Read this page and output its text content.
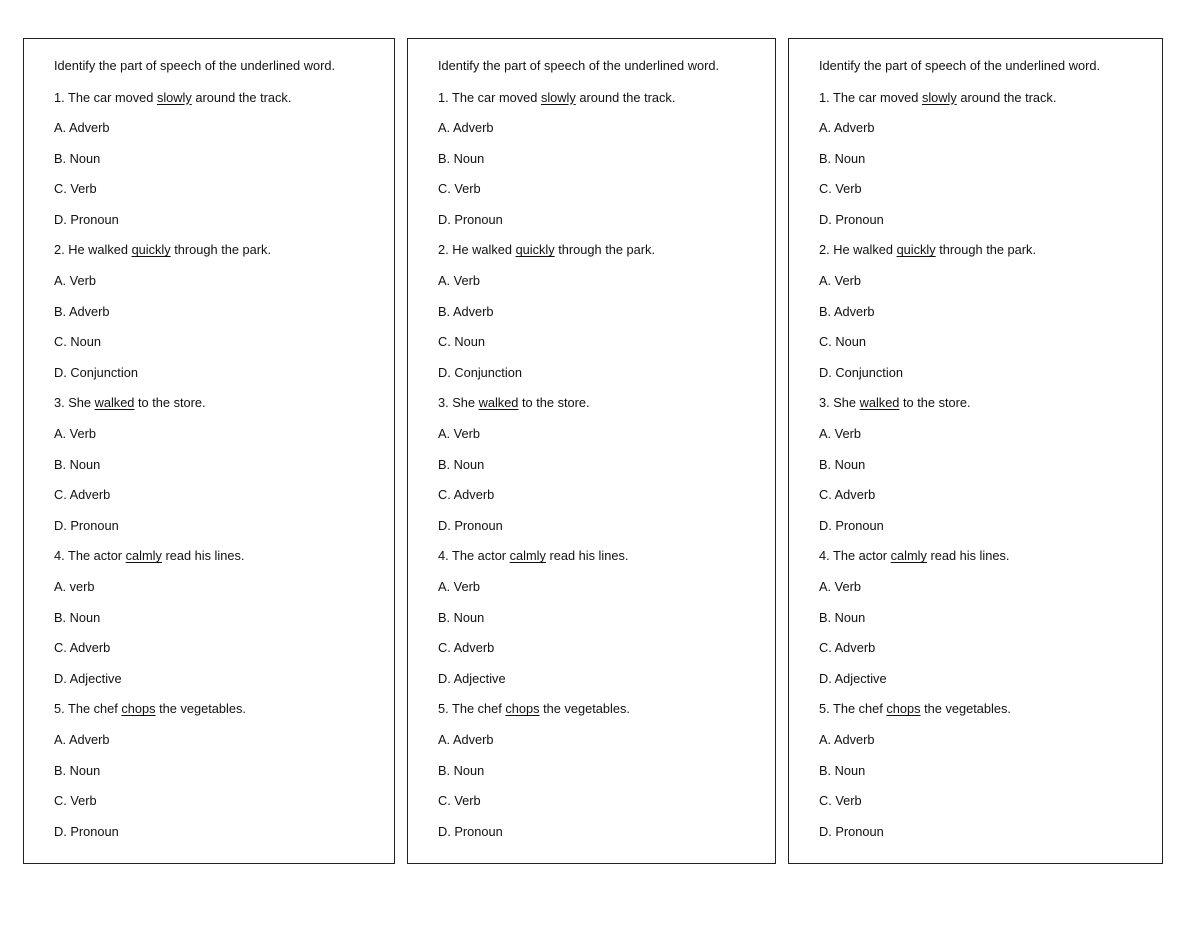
Identify the part of speech of the underlined word.
1. The car moved slowly around the track.
A. Adverb
B. Noun
C. Verb
D. Pronoun
2. He walked quickly through the park.
A. Verb
B. Adverb
C. Noun
D. Conjunction
3. She walked to the store.
A. Verb
B. Noun
C. Adverb
D. Pronoun
4. The actor calmly read his lines.
A. verb
B. Noun
C. Adverb
D. Adjective
5. The chef chops the vegetables.
A. Adverb
B. Noun
C. Verb
D. Pronoun
Identify the part of speech of the underlined word.
1. The car moved slowly around the track.
A. Adverb
B. Noun
C. Verb
D. Pronoun
2. He walked quickly through the park.
A. Verb
B. Adverb
C. Noun
D. Conjunction
3. She walked to the store.
A. Verb
B. Noun
C. Adverb
D. Pronoun
4. The actor calmly read his lines.
A. Verb
B. Noun
C. Adverb
D. Adjective
5. The chef chops the vegetables.
A. Adverb
B. Noun
C. Verb
D. Pronoun
Identify the part of speech of the underlined word.
1. The car moved slowly around the track.
A. Adverb
B. Noun
C. Verb
D. Pronoun
2. He walked quickly through the park.
A. Verb
B. Adverb
C. Noun
D. Conjunction
3. She walked to the store.
A. Verb
B. Noun
C. Adverb
D. Pronoun
4. The actor calmly read his lines.
A. Verb
B. Noun
C. Adverb
D. Adjective
5. The chef chops the vegetables.
A. Adverb
B. Noun
C. Verb
D. Pronoun
